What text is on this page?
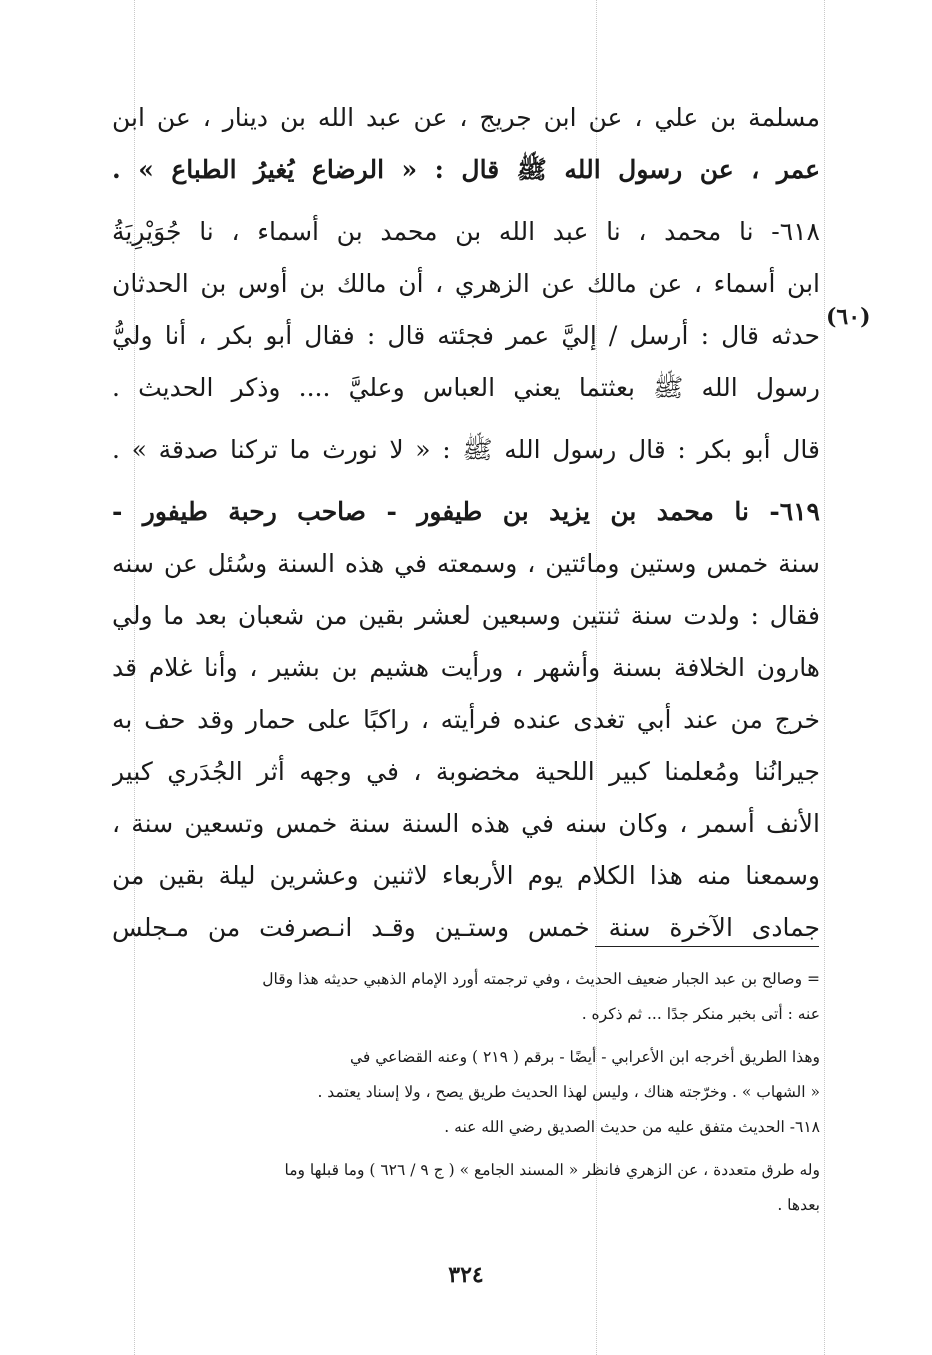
(٦٠)
مسلمة بن علي ، عن ابن جريج ، عن عبد الله بن دينار ، عن ابن
عمر ، عن رسول الله ﷺ قال : « الرضاع يُغيرُ الطباع » .
٦١٨- نا محمد ، نا عبد الله بن محمد بن أسماء ، نا جُوَيْرِيَةُ
ابن أسماء ، عن مالك عن الزهري ، أن مالك بن أوس بن الحدثان
حدثه قال : أرسل / إليَّ عمر فجئته قال : فقال أبو بكر ، أنا وليُّ
رسول الله ﷺ بعثتما يعني العباس وعليَّ .... وذكر الحديث .
قال أبو بكر : قال رسول الله ﷺ : « لا نورث ما تركنا صدقة » .
٦١٩- نا محمد بن يزيد بن طيفور - صاحب رحبة طيفور -
سنة خمس وستين ومائتين ، وسمعته في هذه السنة وسُئل عن سنه
فقال : ولدت سنة ثنتين وسبعين لعشر بقين من شعبان بعد ما ولي
هارون الخلافة بسنة وأشهر ، ورأيت هشيم بن بشير ، وأنا غلام قد
خرج من عند أبي تغدى عنده فرأيته ، راكبًا على حمار وقد حف به
جيرانُنا ومُعلمنا كبير اللحية مخضوبة ، في وجهه أثر الجُدَري كبير
الأنف أسمر ، وكان سنه في هذه السنة سنة خمس وتسعين سنة ،
وسمعنا منه هذا الكلام يوم الأربعاء لاثنين وعشرين ليلة بقين من
جمادى الآخرة سنة خمس وستـين وقـد انـصرفت من مـجلس
= وصالح بن عبد الجبار ضعيف الحديث ، وفي ترجمته أورد الإمام الذهبي حديثه هذا وقال
عنه : أتى بخبر منكر جدًا ... ثم ذكره .
وهذا الطريق أخرجه ابن الأعرابي - أيضًا - برقم ( ٢١٩ ) وعنه القضاعي في
« الشهاب » . وخرّجته هناك ، وليس لهذا الحديث طريق يصح ، ولا إسناد يعتمد .
٦١٨- الحديث متفق عليه من حديث الصديق رضي الله عنه .
وله طرق متعددة ، عن الزهري فانظر « المسند الجامع » ( ج ٩ / ٦٢٦ ) وما قبلها وما
بعدها .
٣٢٤
